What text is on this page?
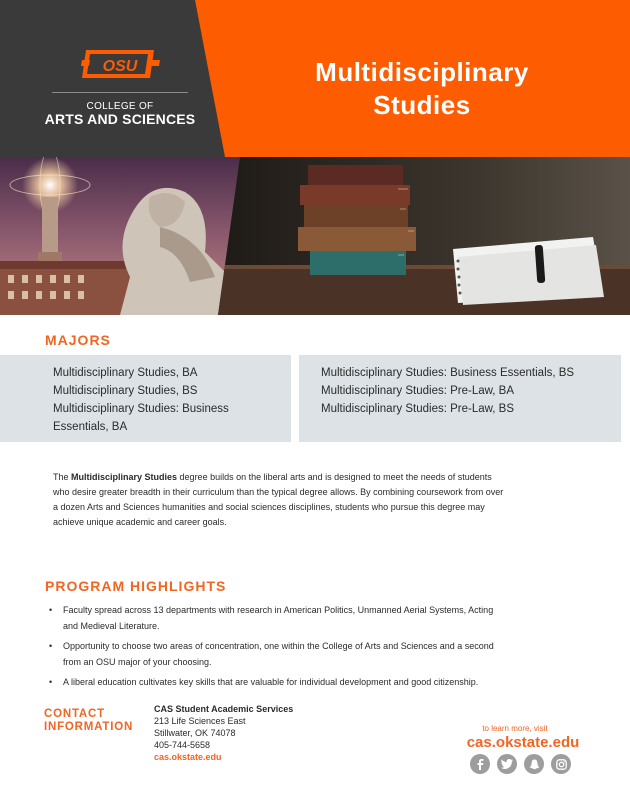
OSU
COLLEGE OF
ARTS AND SCIENCES
Multidisciplinary
Studies
MAJORS
Multidisciplinary Studies, BA
Multidisciplinary Studies, BS
Multidisciplinary Studies: Business
Essentials, BA
Multidisciplinary Studies: Business Essentials, BS
Multidisciplinary Studies: Pre-Law, BA
Multidisciplinary Studies: Pre-Law, BS

The Multidisciplinary Studies degree builds on the liberal arts and is designed to meet the needs of students who desire greater breadth in their curriculum than the typical degree allows. By combining coursework from over a dozen Arts and Sciences humanities and social sciences disciplines, students who pursue this degree may achieve unique academic and career goals.

PROGRAM HIGHLIGHTS
• Faculty spread across 13 departments with research in American Politics, Unmanned Aerial Systems, Acting and Medieval Literature.
• Opportunity to choose two areas of concentration, one within the College of Arts and Sciences and a second from an OSU major of your choosing.
• A liberal education cultivates key skills that are valuable for individual development and good citizenship.
CONTACT
INFORMATION
CAS Student Academic Services
213 Life Sciences East
Stillwater, OK 74078
405-744-5658
cas.okstate.edu
to learn more, visit
cas.okstate.edu
